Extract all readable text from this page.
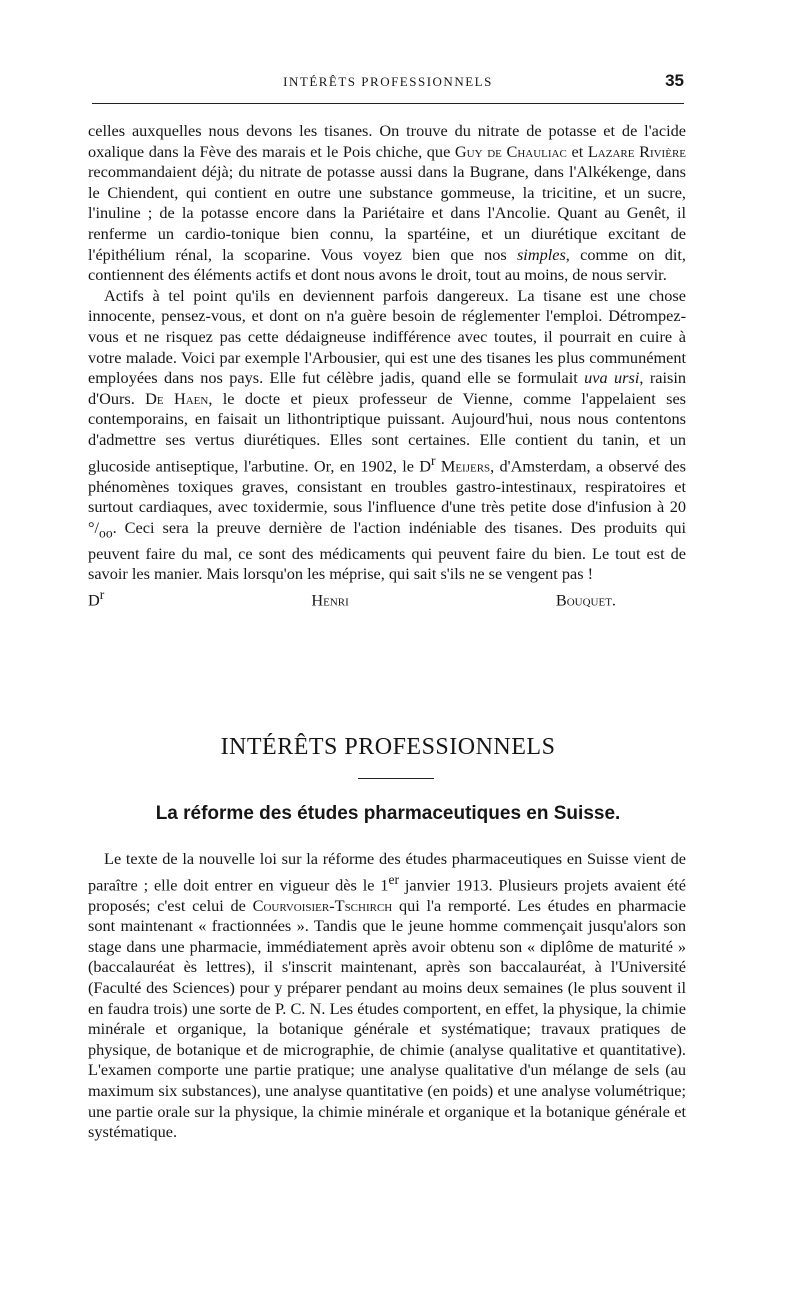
INTÉRÊTS PROFESSIONNELS	35

celles auxquelles nous devons les tisanes. On trouve du nitrate de potasse et de l'acide oxalique dans la Fève des marais et le Pois chiche, que Guy de Chauliac et Lazare Rivière recommandaient déjà; du nitrate de potasse aussi dans la Bugrane, dans l'Alkékenge, dans le Chiendent, qui contient en outre une substance gommeuse, la tricitine, et un sucre, l'inuline ; de la potasse encore dans la Pariétaire et dans l'Ancolie. Quant au Genêt, il renferme un cardio-tonique bien connu, la spartéine, et un diurétique excitant de l'épithélium rénal, la scoparine. Vous voyez bien que nos simples, comme on dit, contiennent des éléments actifs et dont nous avons le droit, tout au moins, de nous servir.

Actifs à tel point qu'ils en deviennent parfois dangereux. La tisane est une chose innocente, pensez-vous, et dont on n'a guère besoin de réglementer l'emploi. Détrompez-vous et ne risquez pas cette dédaigneuse indifférence avec toutes, il pourrait en cuire à votre malade. Voici par exemple l'Arbousier, qui est une des tisanes les plus communément employées dans nos pays. Elle fut célèbre jadis, quand elle se formulait uva ursi, raisin d'Ours. De Haen, le docte et pieux professeur de Vienne, comme l'appelaient ses contemporains, en faisait un lithontriptique puissant. Aujourd'hui, nous nous contentons d'admettre ses vertus diurétiques. Elles sont certaines. Elle contient du tanin, et un glucoside antiseptique, l'arbutine. Or, en 1902, le $D^r$ Meijers, d'Amsterdam, a observé des phénomènes toxiques graves, consistant en troubles gastro-intestinaux, respiratoires et surtout cardiaques, avec toxidermie, sous l'influence d'une très petite dose d'infusion à 20 $^\circ/_{oo}$. Ceci sera la preuve dernière de l'action indéniable des tisanes. Des produits qui peuvent faire du mal, ce sont des médicaments qui peuvent faire du bien. Le tout est de savoir les manier. Mais lorsqu'on les méprise, qui sait s'ils ne se vengent pas !

$D^r$ Henri Bouquet.

INTÉRÊTS PROFESSIONNELS
La réforme des études pharmaceutiques en Suisse.

Le texte de la nouvelle loi sur la réforme des études pharmaceutiques en Suisse vient de paraître ; elle doit entrer en vigueur dès le 1er janvier 1913. Plusieurs projets avaient été proposés; c'est celui de Courvoisier-Tschirch qui l'a remporté. Les études en pharmacie sont maintenant « fractionnées ». Tandis que le jeune homme commençait jusqu'alors son stage dans une pharmacie, immédiatement après avoir obtenu son « diplôme de maturité » (baccalauréat ès lettres), il s'inscrit maintenant, après son baccalauréat, à l'Université (Faculté des Sciences) pour y préparer pendant au moins deux semaines (le plus souvent il en faudra trois) une sorte de P. C. N. Les études comportent, en effet, la physique, la chimie minérale et organique, la botanique générale et systématique; travaux pratiques de physique, de botanique et de micrographie, de chimie (analyse qualitative et quantitative). L'examen comporte une partie pratique; une analyse qualitative d'un mélange de sels (au maximum six substances), une analyse quantitative (en poids) et une analyse volumétrique; une partie orale sur la physique, la chimie minérale et organique et la botanique générale et systématique.
